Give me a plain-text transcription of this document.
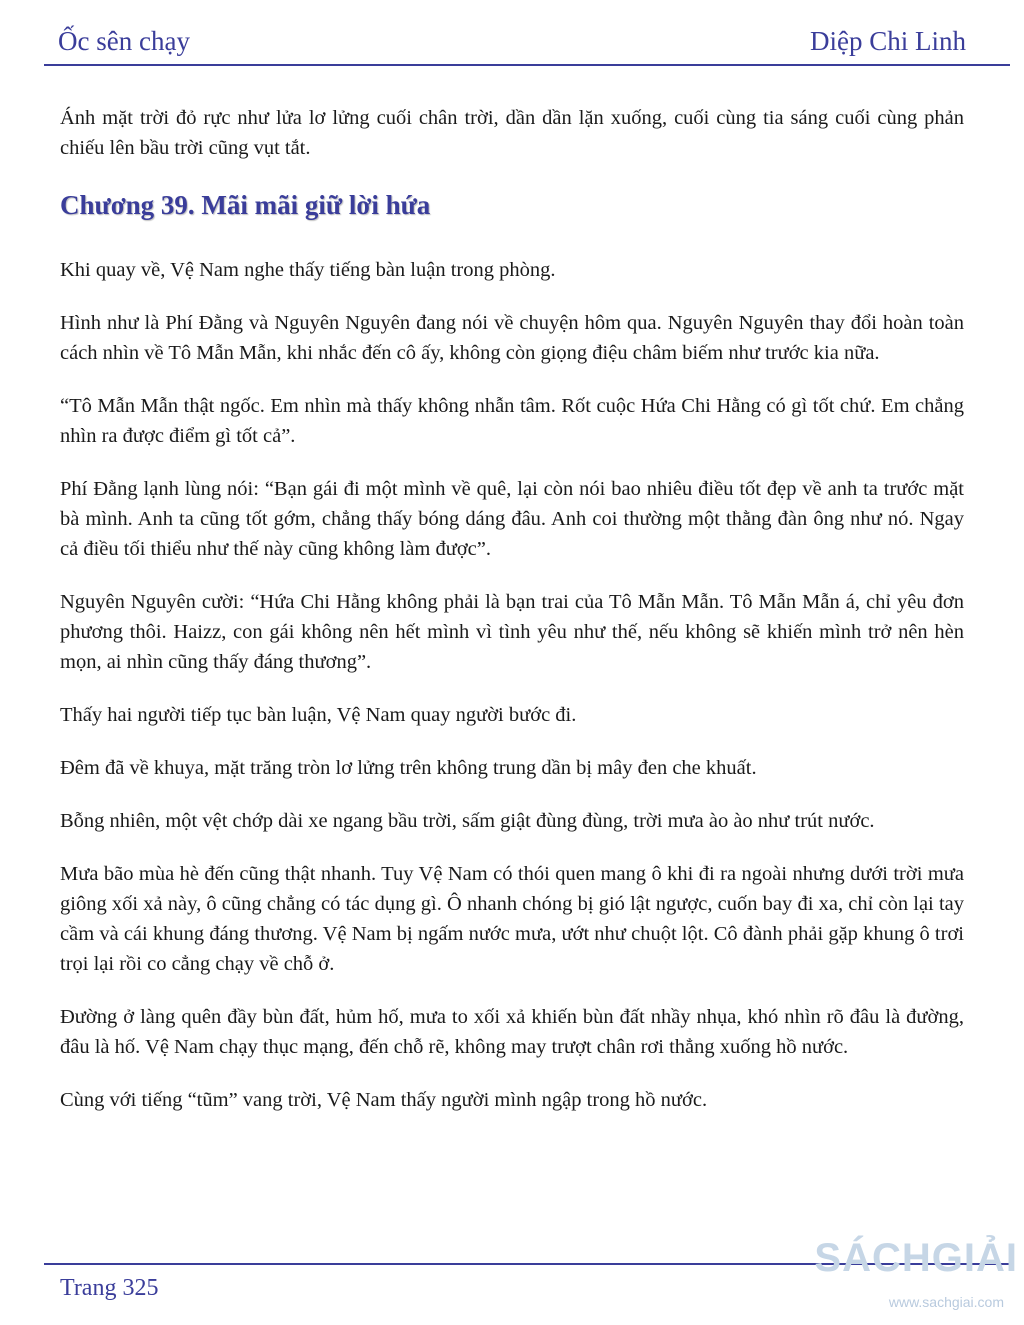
Ốc sên chạy	Diệp Chi Linh

Ánh mặt trời đỏ rực như lửa lơ lửng cuối chân trời, dần dần lặn xuống, cuối cùng tia sáng cuối cùng phản chiếu lên bầu trời cũng vụt tắt.

Chương 39. Mãi mãi giữ lời hứa

Khi quay về, Vệ Nam nghe thấy tiếng bàn luận trong phòng.

Hình như là Phí Đằng và Nguyên Nguyên đang nói về chuyện hôm qua. Nguyên Nguyên thay đổi hoàn toàn cách nhìn về Tô Mẫn Mẫn, khi nhắc đến cô ấy, không còn giọng điệu châm biếm như trước kia nữa.

“Tô Mẫn Mẫn thật ngốc. Em nhìn mà thấy không nhẫn tâm. Rốt cuộc Hứa Chi Hằng có gì tốt chứ. Em chẳng nhìn ra được điểm gì tốt cả”.

Phí Đằng lạnh lùng nói: “Bạn gái đi một mình về quê, lại còn nói bao nhiêu điều tốt đẹp về anh ta trước mặt bà mình. Anh ta cũng tốt gớm, chẳng thấy bóng dáng đâu. Anh coi thường một thằng đàn ông như nó. Ngay cả điều tối thiểu như thế này cũng không làm được”.

Nguyên Nguyên cười: “Hứa Chi Hằng không phải là bạn trai của Tô Mẫn Mẫn. Tô Mẫn Mẫn á, chỉ yêu đơn phương thôi. Haizz, con gái không nên hết mình vì tình yêu như thế, nếu không sẽ khiến mình trở nên hèn mọn, ai nhìn cũng thấy đáng thương”.

Thấy hai người tiếp tục bàn luận, Vệ Nam quay người bước đi.

Đêm đã về khuya, mặt trăng tròn lơ lửng trên không trung dần bị mây đen che khuất.

Bỗng nhiên, một vệt chớp dài xe ngang bầu trời, sấm giật đùng đùng, trời mưa ào ào như trút nước.

Mưa bão mùa hè đến cũng thật nhanh. Tuy Vệ Nam có thói quen mang ô khi đi ra ngoài nhưng dưới trời mưa giông xối xả này, ô cũng chẳng có tác dụng gì. Ô nhanh chóng bị gió lật ngược, cuốn bay đi xa, chỉ còn lại tay cầm và cái khung đáng thương. Vệ Nam bị ngấm nước mưa, ướt như chuột lột. Cô đành phải gặp khung ô trơi trọi lại rồi co cẳng chạy về chỗ ở.

Đường ở làng quên đầy bùn đất, hủm hố, mưa to xối xả khiến bùn đất nhầy nhụa, khó nhìn rõ đâu là đường, đâu là hố. Vệ Nam chạy thục mạng, đến chỗ rẽ, không may trượt chân rơi thẳng xuống hồ nước.

Cùng với tiếng “tũm” vang trời, Vệ Nam thấy người mình ngập trong hồ nước.

Trang 325
SÁCHGIẢI
www.sachgiai.com
